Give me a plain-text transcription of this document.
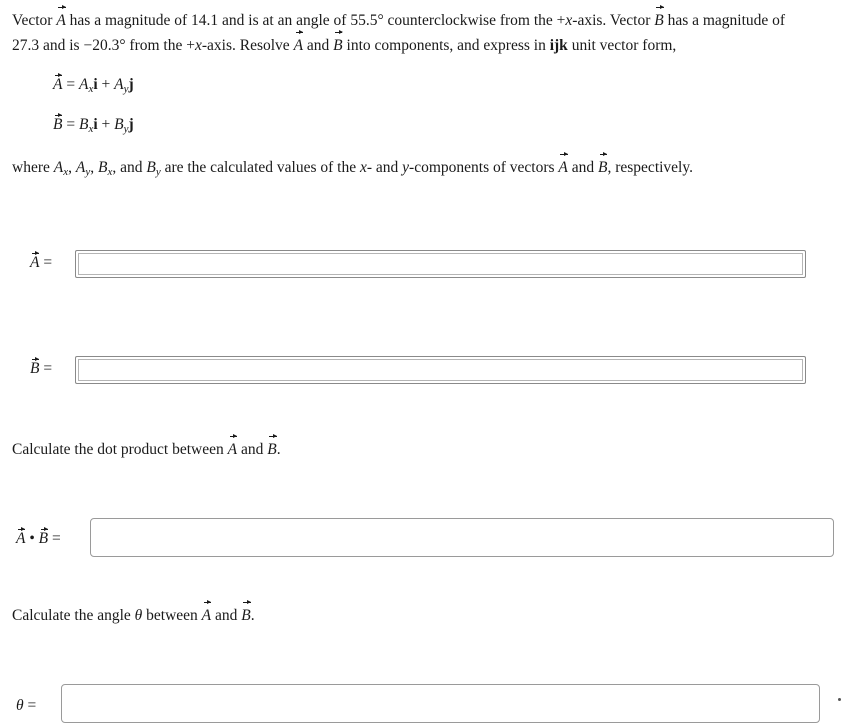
Vector A has a magnitude of 14.1 and is at an angle of 55.5° counterclockwise from the +x-axis. Vector B has a magnitude of
27.3 and is −20.3° from the +x-axis. Resolve A and B into components, and express in ijk unit vector form,
$A = A_xi + A_yj$
$B = B_xi + B_yj$
where $A_x$, $A_y$, $B_x$, and $B_y$ are the calculated values of the x- and y-components of vectors A and B, respectively.
A =
B =
Calculate the dot product between A and B.
A • B =
Calculate the angle θ between A and B.
θ =
